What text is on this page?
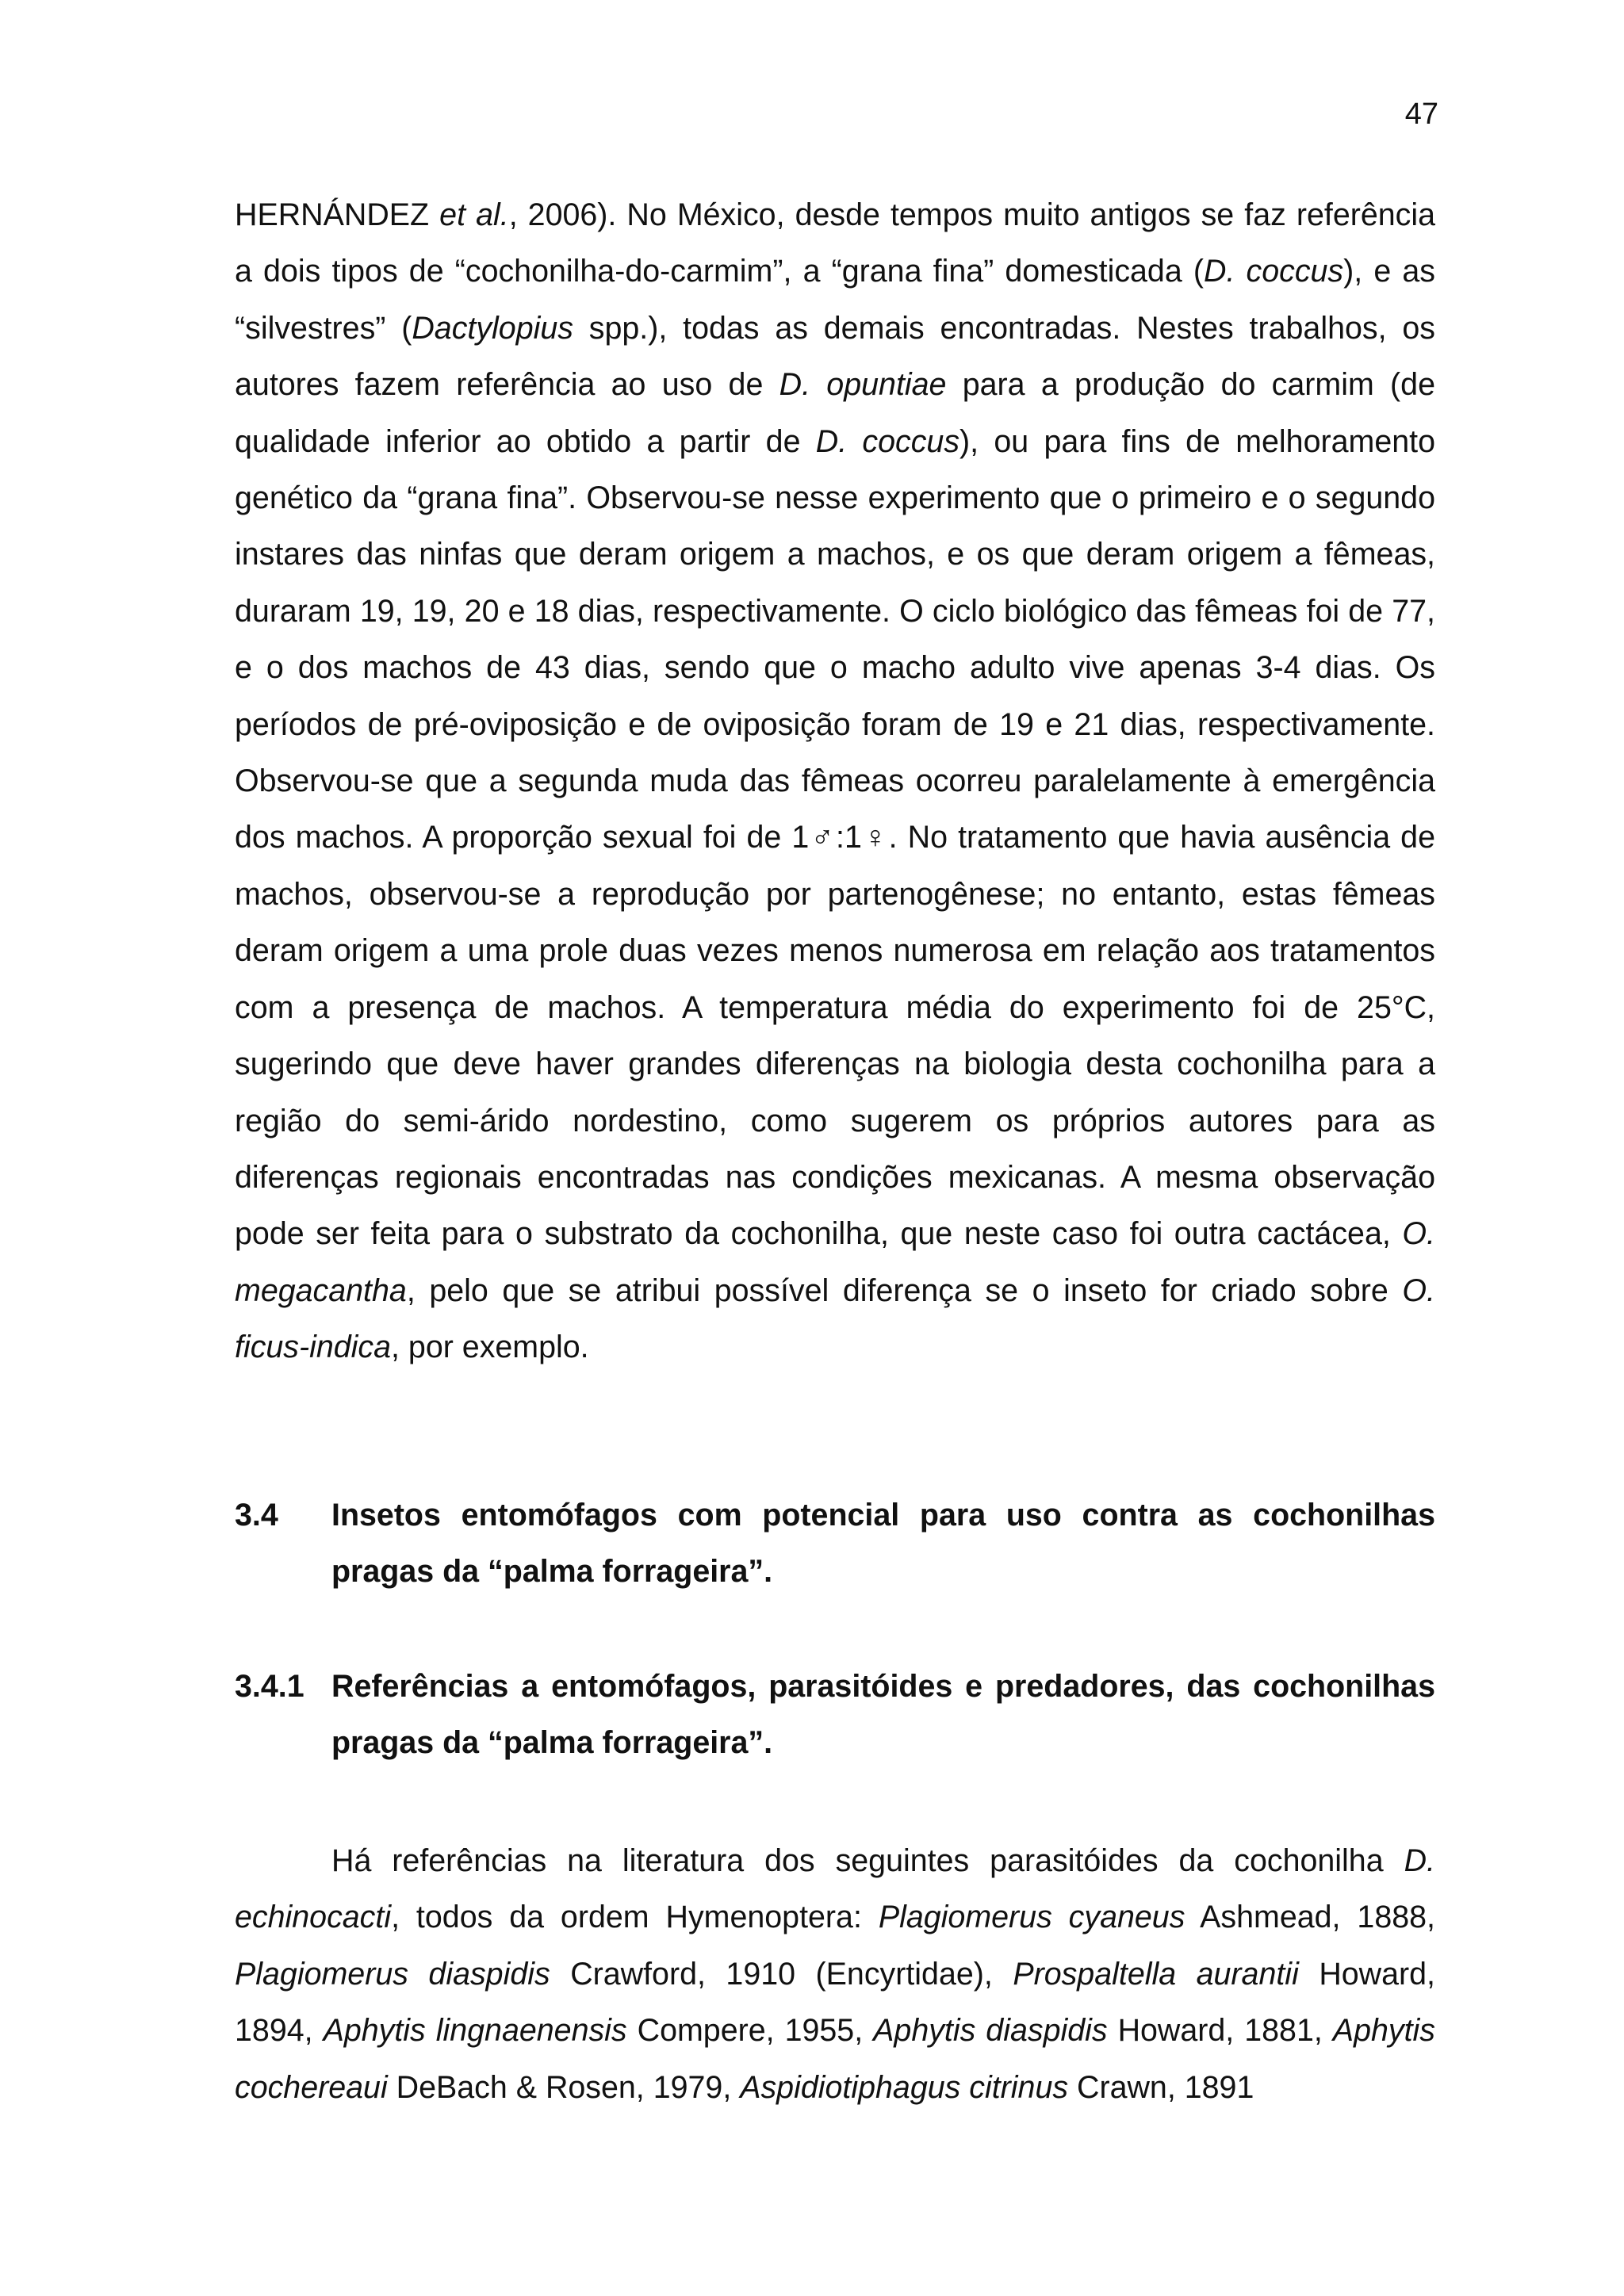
47

HERNÁNDEZ et al., 2006). No México, desde tempos muito antigos se faz referência a dois tipos de “cochonilha-do-carmim”, a “grana fina” domesticada (D. coccus), e as “silvestres” (Dactylopius spp.), todas as demais encontradas. Nestes trabalhos, os autores fazem referência ao uso de D. opuntiae para a produção do carmim (de qualidade inferior ao obtido a partir de D. coccus), ou para fins de melhoramento genético da “grana fina”. Observou-se nesse experimento que o primeiro e o segundo instares das ninfas que deram origem a machos, e os que deram origem a fêmeas, duraram 19, 19, 20 e 18 dias, respectivamente. O ciclo biológico das fêmeas foi de 77, e o dos machos de 43 dias, sendo que o macho adulto vive apenas 3-4 dias. Os períodos de pré-oviposição e de oviposição foram de 19 e 21 dias, respectivamente. Observou-se que a segunda muda das fêmeas ocorreu paralelamente à emergência dos machos. A proporção sexual foi de 1♂:1♀. No tratamento que havia ausência de machos, observou-se a reprodução por partenogênese; no entanto, estas fêmeas deram origem a uma prole duas vezes menos numerosa em relação aos tratamentos com a presença de machos. A temperatura média do experimento foi de 25°C, sugerindo que deve haver grandes diferenças na biologia desta cochonilha para a região do semi-árido nordestino, como sugerem os próprios autores para as diferenças regionais encontradas nas condições mexicanas. A mesma observação pode ser feita para o substrato da cochonilha, que neste caso foi outra cactácea, O. megacantha, pelo que se atribui possível diferença se o inseto for criado sobre O. ficus-indica, por exemplo.

3.4	Insetos entomófagos com potencial para uso contra as cochonilhas pragas da “palma forrageira”.
3.4.1 Referências a entomófagos, parasitóides e predadores, das cochonilhas pragas da “palma forrageira”.

Há referências na literatura dos seguintes parasitóides da cochonilha D. echinocacti, todos da ordem Hymenoptera: Plagiomerus cyaneus Ashmead, 1888, Plagiomerus diaspidis Crawford, 1910 (Encyrtidae), Prospaltella aurantii Howard, 1894, Aphytis lingnaenensis Compere, 1955, Aphytis diaspidis Howard, 1881, Aphytis cochereaui DeBach & Rosen, 1979, Aspidiotiphagus citrinus Crawn, 1891
